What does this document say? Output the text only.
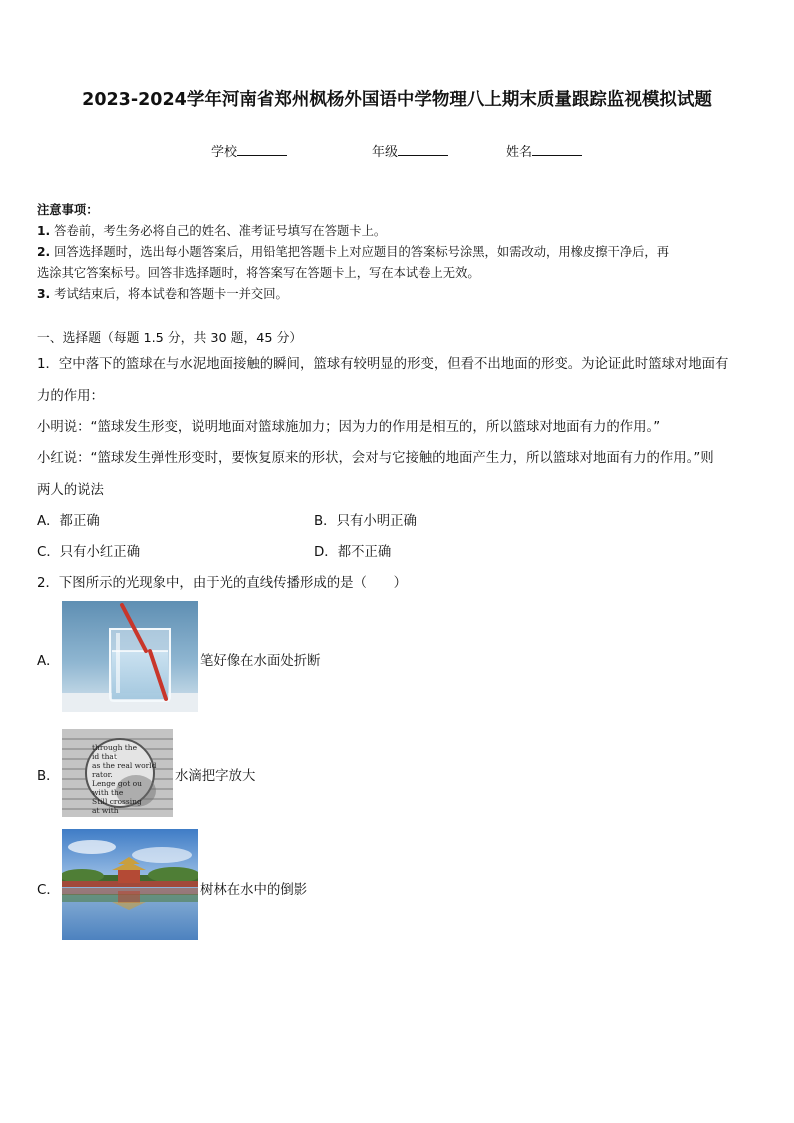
2023-2024学年河南省郑州枫杨外国语中学物理八上期末质量跟踪监视模拟试题
学校	年级	姓名
注意事项：
1. 答卷前，考生务必将自己的姓名、准考证号填写在答题卡上。
2. 回答选择题时，选出每小题答案后，用铅笔把答题卡上对应题目的答案标号涂黑，如需改动，用橡皮擦干净后，再
选涂其它答案标号。回答非选择题时，将答案写在答题卡上，写在本试卷上无效。
3. 考试结束后，将本试卷和答题卡一并交回。
一、选择题（每题 1.5 分，共 30 题，45 分）
1．空中落下的篮球在与水泥地面接触的瞬间，篮球有较明显的形变，但看不出地面的形变。为论证此时篮球对地面有
力的作用：
小明说：“篮球发生形变，说明地面对篮球施加力；因为力的作用是相互的，所以篮球对地面有力的作用。”
小红说：“篮球发生弹性形变时，要恢复原来的形状，会对与它接触的地面产生力，所以篮球对地面有力的作用。”则
两人的说法
A．都正确	B．只有小明正确
C．只有小红正确	D．都不正确
2．下图所示的光现象中，由于光的直线传播形成的是（　　）
A．	笔好像在水面处折断
B．
through the
id that
as the real world
rator.
Lenge got ou
with the
Still crossing
at with
水滴把字放大
C．	树林在水中的倒影
